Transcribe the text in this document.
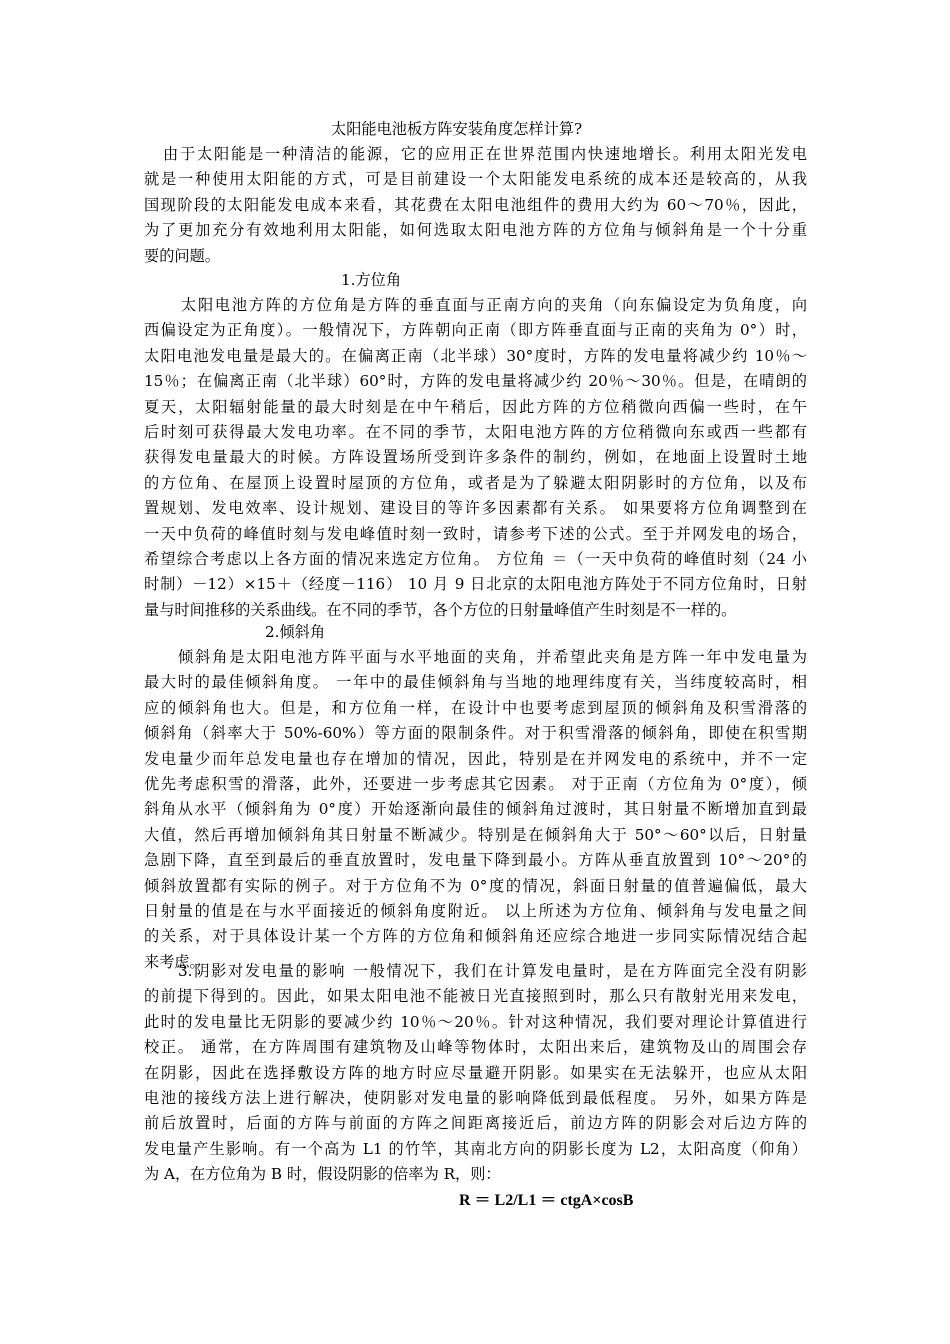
太阳能电池板方阵安装角度怎样计算?
由于太阳能是一种清洁的能源，它的应用正在世界范围内快速地增长。利用太阳光发电
就是一种使用太阳能的方式，可是目前建设一个太阳能发电系统的成本还是较高的，从我
国现阶段的太阳能发电成本来看，其花费在太阳电池组件的费用大约为 60～70％，因此，
为了更加充分有效地利用太阳能，如何选取太阳电池方阵的方位角与倾斜角是一个十分重
要的问题。
1.方位角
太阳电池方阵的方位角是方阵的垂直面与正南方向的夹角（向东偏设定为负角度，向
西偏设定为正角度）。一般情况下，方阵朝向正南（即方阵垂直面与正南的夹角为 0°）时，
太阳电池发电量是最大的。在偏离正南（北半球）30°度时，方阵的发电量将减少约 10％～
15％；在偏离正南（北半球）60°时，方阵的发电量将减少约 20％～30％。但是，在晴朗的
夏天，太阳辐射能量的最大时刻是在中午稍后，因此方阵的方位稍微向西偏一些时，在午
后时刻可获得最大发电功率。在不同的季节，太阳电池方阵的方位稍微向东或西一些都有
获得发电量最大的时候。方阵设置场所受到许多条件的制约，例如，在地面上设置时土地
的方位角、在屋顶上设置时屋顶的方位角，或者是为了躲避太阳阴影时的方位角，以及布
置规划、发电效率、设计规划、建设目的等许多因素都有关系。 如果要将方位角调整到在
一天中负荷的峰值时刻与发电峰值时刻一致时，请参考下述的公式。至于并网发电的场合，
希望综合考虑以上各方面的情况来选定方位角。 方位角 ＝（一天中负荷的峰值时刻（24 小
时制）－12）×15＋（经度－116） 10 月 9 日北京的太阳电池方阵处于不同方位角时，日射
量与时间推移的关系曲线。在不同的季节，各个方位的日射量峰值产生时刻是不一样的。
2.倾斜角
倾斜角是太阳电池方阵平面与水平地面的夹角，并希望此夹角是方阵一年中发电量为
最大时的最佳倾斜角度。 一年中的最佳倾斜角与当地的地理纬度有关，当纬度较高时，相
应的倾斜角也大。但是，和方位角一样，在设计中也要考虑到屋顶的倾斜角及积雪滑落的
倾斜角（斜率大于 50%-60%）等方面的限制条件。对于积雪滑落的倾斜角，即使在积雪期
发电量少而年总发电量也存在增加的情况，因此，特别是在并网发电的系统中，并不一定
优先考虑积雪的滑落，此外，还要进一步考虑其它因素。 对于正南（方位角为 0°度），倾
斜角从水平（倾斜角为 0°度）开始逐渐向最佳的倾斜角过渡时，其日射量不断增加直到最
大值，然后再增加倾斜角其日射量不断减少。特别是在倾斜角大于 50°～60°以后，日射量
急剧下降，直至到最后的垂直放置时，发电量下降到最小。方阵从垂直放置到 10°～20°的
倾斜放置都有实际的例子。对于方位角不为 0°度的情况，斜面日射量的值普遍偏低，最大
日射量的值是在与水平面接近的倾斜角度附近。 以上所述为方位角、倾斜角与发电量之间
的关系，对于具体设计某一个方阵的方位角和倾斜角还应综合地进一步同实际情况结合起
来考虑。
3.阴影对发电量的影响 一般情况下，我们在计算发电量时，是在方阵面完全没有阴影
的前提下得到的。因此，如果太阳电池不能被日光直接照到时，那么只有散射光用来发电，
此时的发电量比无阴影的要减少约 10％～20％。针对这种情况，我们要对理论计算值进行
校正。 通常，在方阵周围有建筑物及山峰等物体时，太阳出来后，建筑物及山的周围会存
在阴影，因此在选择敷设方阵的地方时应尽量避开阴影。如果实在无法躲开，也应从太阳
电池的接线方法上进行解决，使阴影对发电量的影响降低到最低程度。 另外，如果方阵是
前后放置时，后面的方阵与前面的方阵之间距离接近后，前边方阵的阴影会对后边方阵的
发电量产生影响。有一个高为 L1 的竹竿，其南北方向的阴影长度为 L2，太阳高度（仰角）
为 A，在方位角为 B 时，假设阴影的倍率为 R，则：
R ＝ L2/L1 ＝ ctgA×cosB
